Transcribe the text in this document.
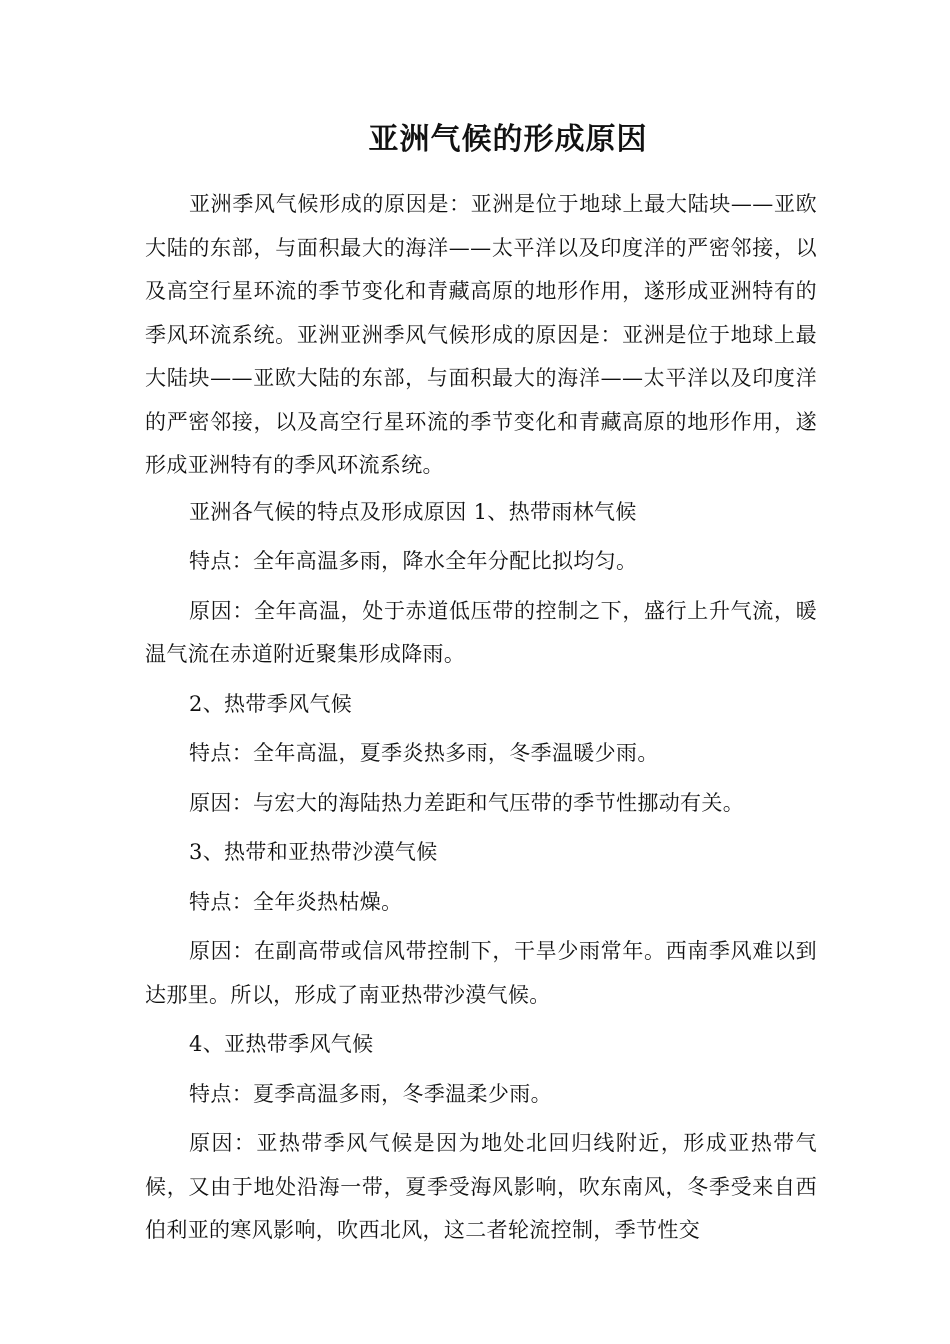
亚洲气候的形成原因

亚洲季风气候形成的原因是：亚洲是位于地球上最大陆块——亚欧大陆的东部，与面积最大的海洋——太平洋以及印度洋的严密邻接，以及高空行星环流的季节变化和青藏高原的地形作用，遂形成亚洲特有的季风环流系统。亚洲亚洲季风气候形成的原因是：亚洲是位于地球上最大陆块——亚欧大陆的东部，与面积最大的海洋——太平洋以及印度洋的严密邻接，以及高空行星环流的季节变化和青藏高原的地形作用，遂形成亚洲特有的季风环流系统。

亚洲各气候的特点及形成原因 1、热带雨林气候

特点：全年高温多雨，降水全年分配比拟均匀。

原因：全年高温，处于赤道低压带的控制之下，盛行上升气流，暖温气流在赤道附近聚集形成降雨。

2、热带季风气候

特点：全年高温，夏季炎热多雨，冬季温暖少雨。

原因：与宏大的海陆热力差距和气压带的季节性挪动有关。

3、热带和亚热带沙漠气候

特点：全年炎热枯燥。

原因：在副高带或信风带控制下，干旱少雨常年。西南季风难以到达那里。所以，形成了南亚热带沙漠气候。

4、亚热带季风气候

特点：夏季高温多雨，冬季温柔少雨。

原因：亚热带季风气候是因为地处北回归线附近，形成亚热带气候，又由于地处沿海一带，夏季受海风影响，吹东南风，冬季受来自西伯利亚的寒风影响，吹西北风，这二者轮流控制，季节性交
